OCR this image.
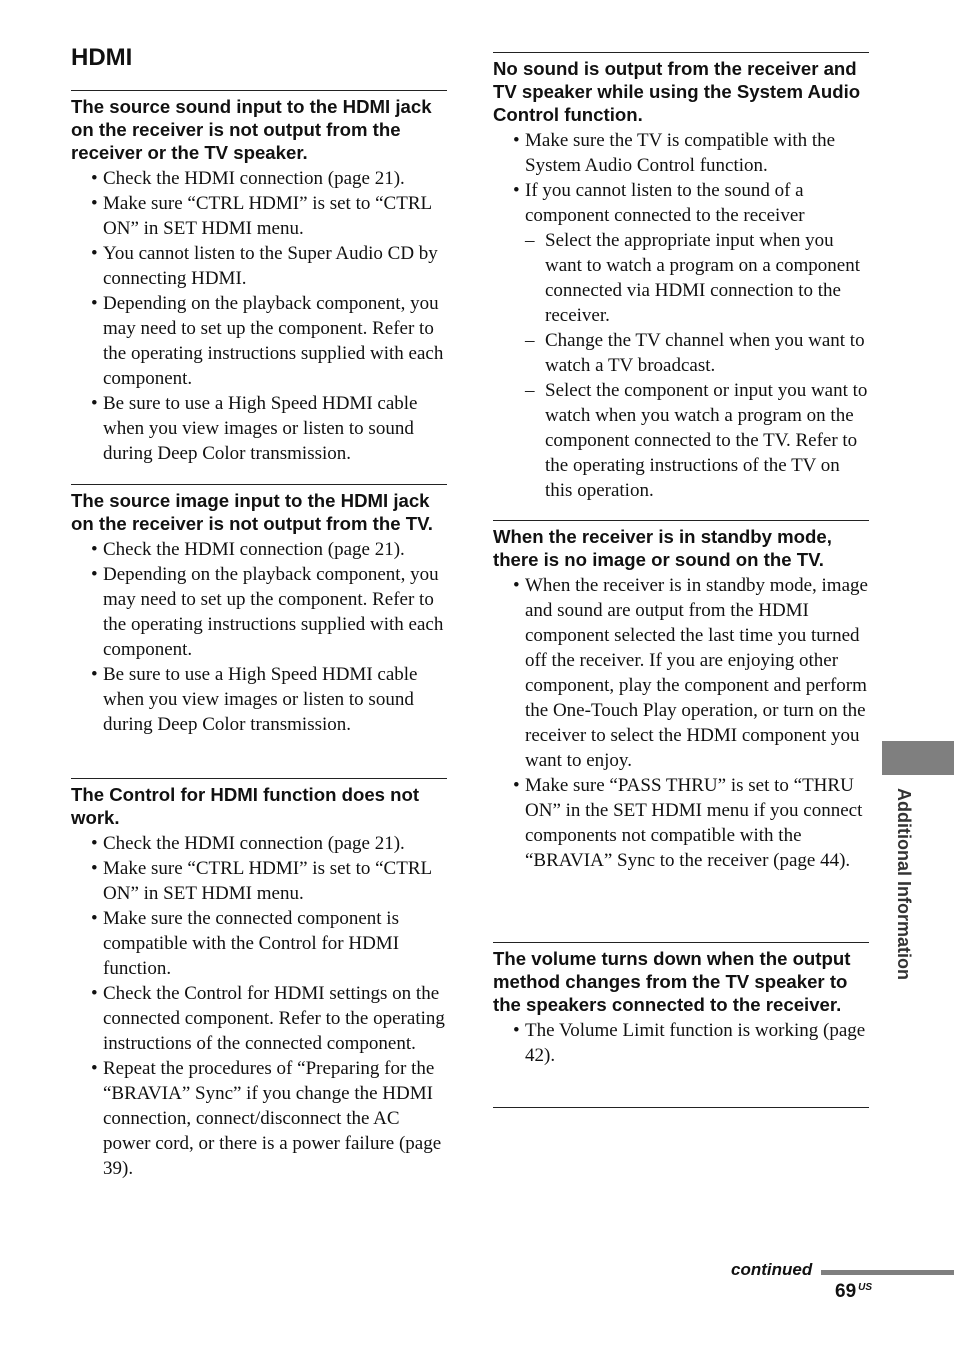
HDMI
The source sound input to the HDMI jack on the receiver is not output from the receiver or the TV speaker.
• Check the HDMI connection (page 21).
• Make sure “CTRL HDMI” is set to “CTRL ON” in SET HDMI menu.
• You cannot listen to the Super Audio CD by connecting HDMI.
• Depending on the playback component, you may need to set up the component. Refer to the operating instructions supplied with each component.
• Be sure to use a High Speed HDMI cable when you view images or listen to sound during Deep Color transmission.
The source image input to the HDMI jack on the receiver is not output from the TV.
• Check the HDMI connection (page 21).
• Depending on the playback component, you may need to set up the component. Refer to the operating instructions supplied with each component.
• Be sure to use a High Speed HDMI cable when you view images or listen to sound during Deep Color transmission.
The Control for HDMI function does not work.
• Check the HDMI connection (page 21).
• Make sure “CTRL HDMI” is set to “CTRL ON” in SET HDMI menu.
• Make sure the connected component is compatible with the Control for HDMI function.
• Check the Control for HDMI settings on the connected component. Refer to the operating instructions of the connected component.
• Repeat the procedures of “Preparing for the “BRAVIA” Sync” if you change the HDMI connection, connect/disconnect the AC power cord, or there is a power failure (page 39).
No sound is output from the receiver and TV speaker while using the System Audio Control function.
• Make sure the TV is compatible with the System Audio Control function.
• If you cannot listen to the sound of a component connected to the receiver
– Select the appropriate input when you want to watch a program on a component connected via HDMI connection to the receiver.
– Change the TV channel when you want to watch a TV broadcast.
– Select the component or input you want to watch when you watch a program on the component connected to the TV. Refer to the operating instructions of the TV on this operation.
When the receiver is in standby mode, there is no image or sound on the TV.
• When the receiver is in standby mode, image and sound are output from the HDMI component selected the last time you turned off the receiver. If you are enjoying other component, play the component and perform the One-Touch Play operation, or turn on the receiver to select the HDMI component you want to enjoy.
• Make sure “PASS THRU” is set to “THRU ON” in the SET HDMI menu if you connect components not compatible with the “BRAVIA” Sync to the receiver (page 44).
The volume turns down when the output method changes from the TV speaker to the speakers connected to the receiver.
• The Volume Limit function is working (page 42).
Additional Information
continued
69 $^{US}$
